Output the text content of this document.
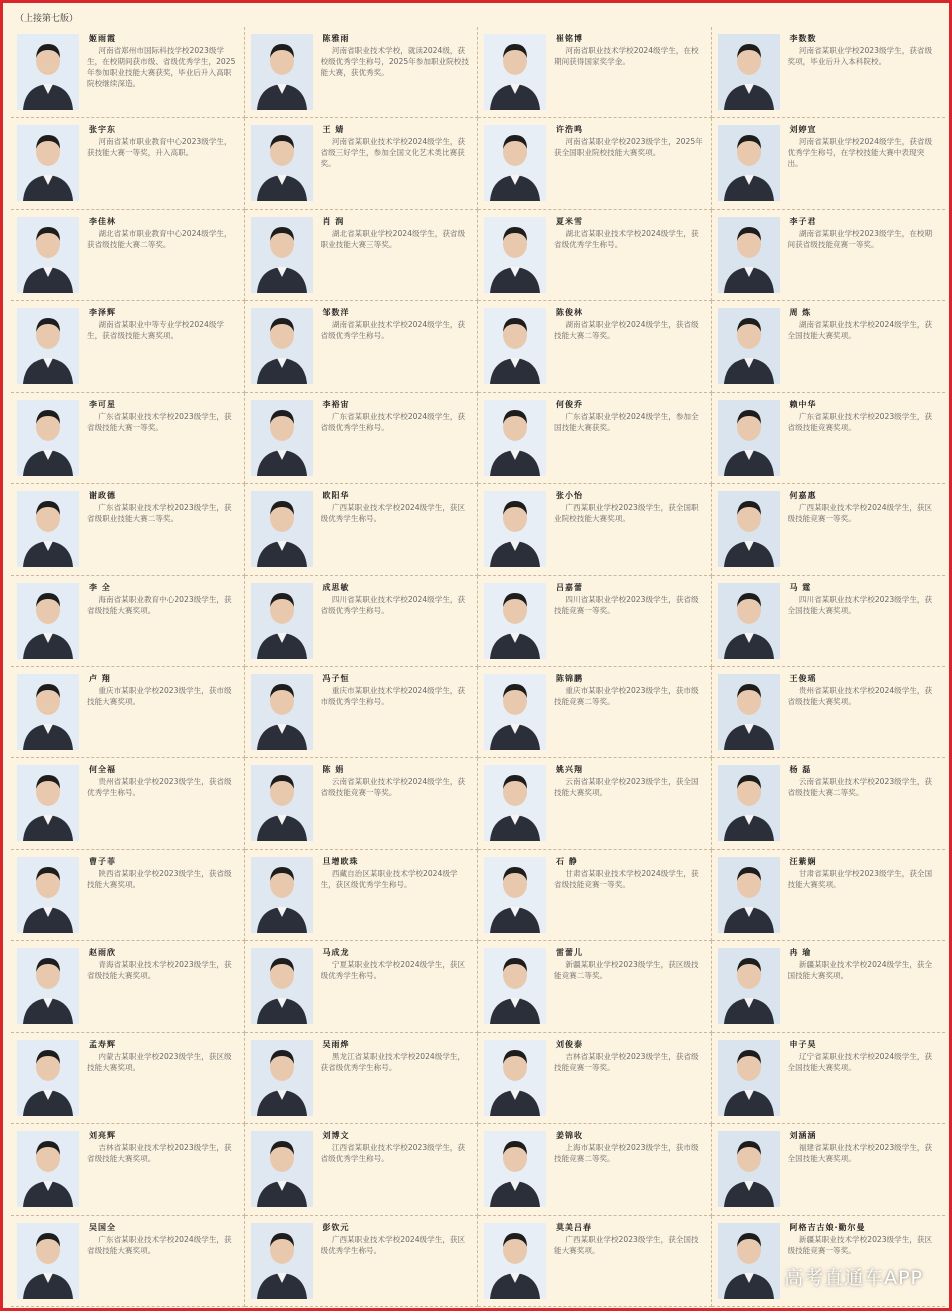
（上接第七版）
姬雨霞
河南省郑州市国际科技学校2023级学生，在校期间获市级、省级优秀学生，2025年参加职业技能大赛获奖，毕业后升入高职院校继续深造。
陈雅雨
河南省职业技术学校，就读2024级，获校级优秀学生称号，2025年参加职业院校技能大赛，获优秀奖。
崔铭博
河南省职业技术学校2024级学生，在校期间获得国家奖学金。
李数数
河南省某职业学校2023级学生，获省级奖项，毕业后升入本科院校。
张宇东
河南省某市职业教育中心2023级学生，获技能大赛一等奖，升入高职。
王 婧
河南省某职业技术学校2024级学生，获省级三好学生，参加全国文化艺术类比赛获奖。
许浩鸣
河南省某职业学校2023级学生，2025年获全国职业院校技能大赛奖项。
刘婷宣
河南省某职业学校2024级学生，获省级优秀学生称号，在学校技能大赛中表现突出。
李佳林
湖北省某市职业教育中心2024级学生，获省级技能大赛二等奖。
肖 润
湖北省某职业学校2024级学生，获省级职业技能大赛三等奖。
夏米雪
湖北省某职业技术学校2024级学生，获省级优秀学生称号。
李子君
湖南省某职业学校2023级学生，在校期间获省级技能竞赛一等奖。
李泽辉
湖南省某职业中等专业学校2024级学生，获省级技能大赛奖项。
邹数洋
湖南省某职业技术学校2024级学生，获省级优秀学生称号。
陈俊林
湖南省某职业学校2024级学生，获省级技能大赛二等奖。
周 炼
湖南省某职业技术学校2024级学生，获全国技能大赛奖项。
李可星
广东省某职业技术学校2023级学生，获省级技能大赛一等奖。
李裕宙
广东省某职业技术学校2024级学生，获省级优秀学生称号。
何俊乔
广东省某职业学校2024级学生，参加全国技能大赛获奖。
赖中华
广东省某职业技术学校2023级学生，获省级技能竞赛奖项。
谢政德
广东省某职业技术学校2023级学生，获省级职业技能大赛二等奖。
欧阳华
广西某职业技术学校2024级学生，获区级优秀学生称号。
张小怡
广西某职业学校2023级学生，获全国职业院校技能大赛奖项。
何嘉惠
广西某职业技术学校2024级学生，获区级技能竞赛一等奖。
李 全
海南省某职业教育中心2023级学生，获省级技能大赛奖项。
成思敏
四川省某职业技术学校2024级学生，获省级优秀学生称号。
吕嘉蕾
四川省某职业学校2023级学生，获省级技能竞赛一等奖。
马 霆
四川省某职业技术学校2023级学生，获全国技能大赛奖项。
卢 翔
重庆市某职业学校2023级学生，获市级技能大赛奖项。
冯子恒
重庆市某职业技术学校2024级学生，获市级优秀学生称号。
陈锦鹏
重庆市某职业学校2023级学生，获市级技能竞赛二等奖。
王俊瑶
贵州省某职业技术学校2024级学生，获省级技能大赛奖项。
何全福
贵州省某职业学校2023级学生，获省级优秀学生称号。
陈 娟
云南省某职业技术学校2024级学生，获省级技能竞赛一等奖。
姚兴翔
云南省某职业学校2023级学生，获全国技能大赛奖项。
杨 磊
云南省某职业技术学校2023级学生，获省级技能大赛二等奖。
曹子菲
陕西省某职业学校2023级学生，获省级技能大赛奖项。
旦增欧珠
西藏自治区某职业技术学校2024级学生，获区级优秀学生称号。
石 静
甘肃省某职业技术学校2024级学生，获省级技能竞赛一等奖。
汪紫娴
甘肃省某职业学校2023级学生，获全国技能大赛奖项。
赵雨欣
青海省某职业技术学校2023级学生，获省级技能大赛奖项。
马成龙
宁夏某职业技术学校2024级学生，获区级优秀学生称号。
雷蕾儿
新疆某职业学校2023级学生，获区级技能竞赛二等奖。
冉 瑜
新疆某职业技术学校2024级学生，获全国技能大赛奖项。
孟寿辉
内蒙古某职业学校2023级学生，获区级技能大赛奖项。
吴雨烨
黑龙江省某职业技术学校2024级学生，获省级优秀学生称号。
刘俊泰
吉林省某职业学校2023级学生，获省级技能竞赛一等奖。
申子昊
辽宁省某职业技术学校2024级学生，获全国技能大赛奖项。
刘亮辉
吉林省某职业技术学校2023级学生，获省级技能大赛奖项。
刘博文
江西省某职业技术学校2023级学生，获省级优秀学生称号。
姜锦收
上海市某职业学校2023级学生，获市级技能竞赛二等奖。
刘涵涵
福建省某职业技术学校2023级学生，获全国技能大赛奖项。
吴国全
广东省某职业技术学校2024级学生，获省级技能大赛奖项。
彭钦元
广西某职业技术学校2024级学生，获区级优秀学生称号。
莫美吕春
广西某职业学校2023级学生，获全国技能大赛奖项。
阿格吉古娘·勤尔曼
新疆某职业技术学校2023级学生，获区级技能竞赛一等奖。
高考直通车APP
